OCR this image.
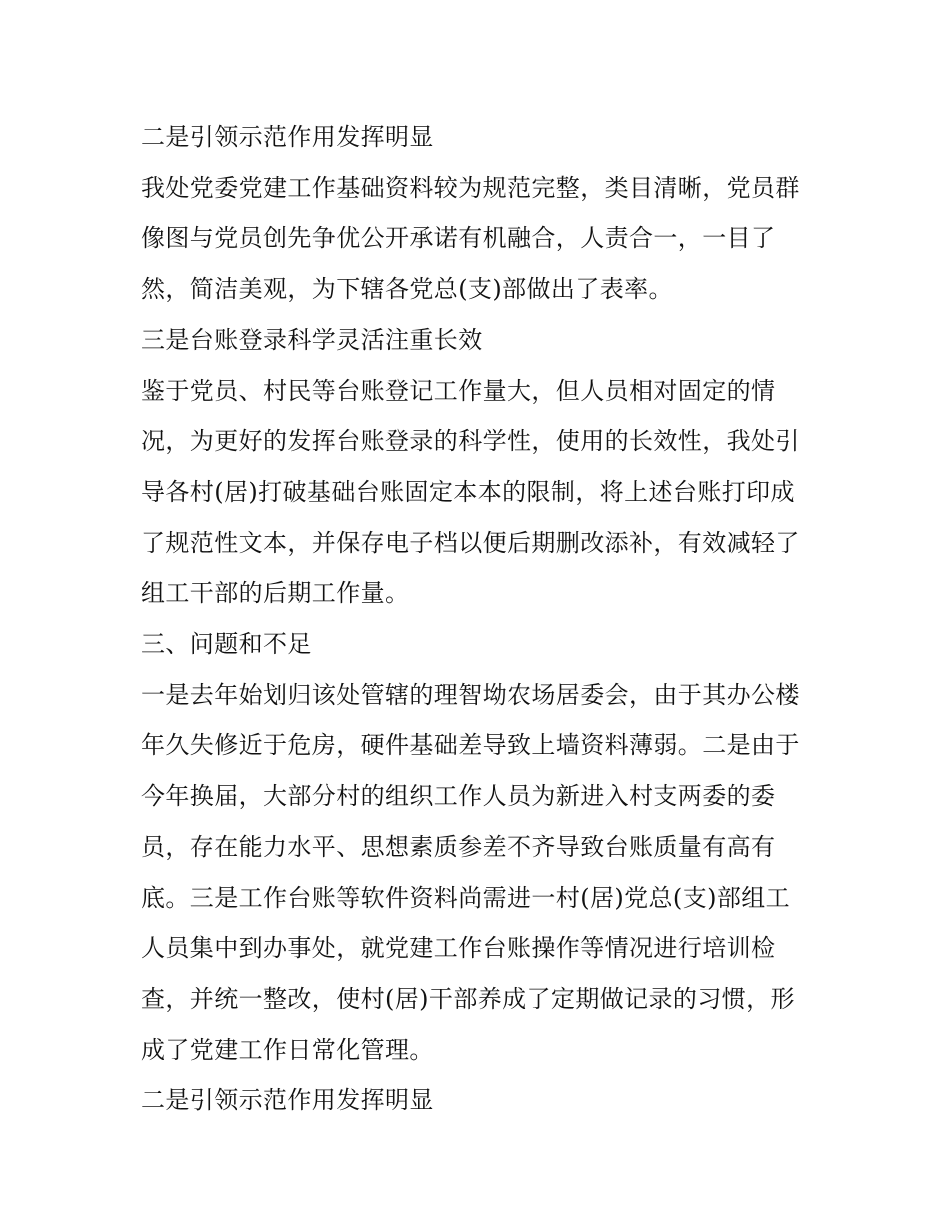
二是引领示范作用发挥明显

我处党委党建工作基础资料较为规范完整，类目清晰，党员群
像图与党员创先争优公开承诺有机融合，人责合一，一目了
然，简洁美观，为下辖各党总(支)部做出了表率。

三是台账登录科学灵活注重长效

鉴于党员、村民等台账登记工作量大，但人员相对固定的情
况，为更好的发挥台账登录的科学性，使用的长效性，我处引
导各村(居)打破基础台账固定本本的限制，将上述台账打印成
了规范性文本，并保存电子档以便后期删改添补，有效减轻了
组工干部的后期工作量。

三、问题和不足

一是去年始划归该处管辖的理智坳农场居委会，由于其办公楼
年久失修近于危房，硬件基础差导致上墙资料薄弱。二是由于
今年换届，大部分村的组织工作人员为新进入村支两委的委
员，存在能力水平、思想素质参差不齐导致台账质量有高有
底。三是工作台账等软件资料尚需进一村(居)党总(支)部组工
人员集中到办事处，就党建工作台账操作等情况进行培训检
查，并统一整改，使村(居)干部养成了定期做记录的习惯，形
成了党建工作日常化管理。

二是引领示范作用发挥明显
